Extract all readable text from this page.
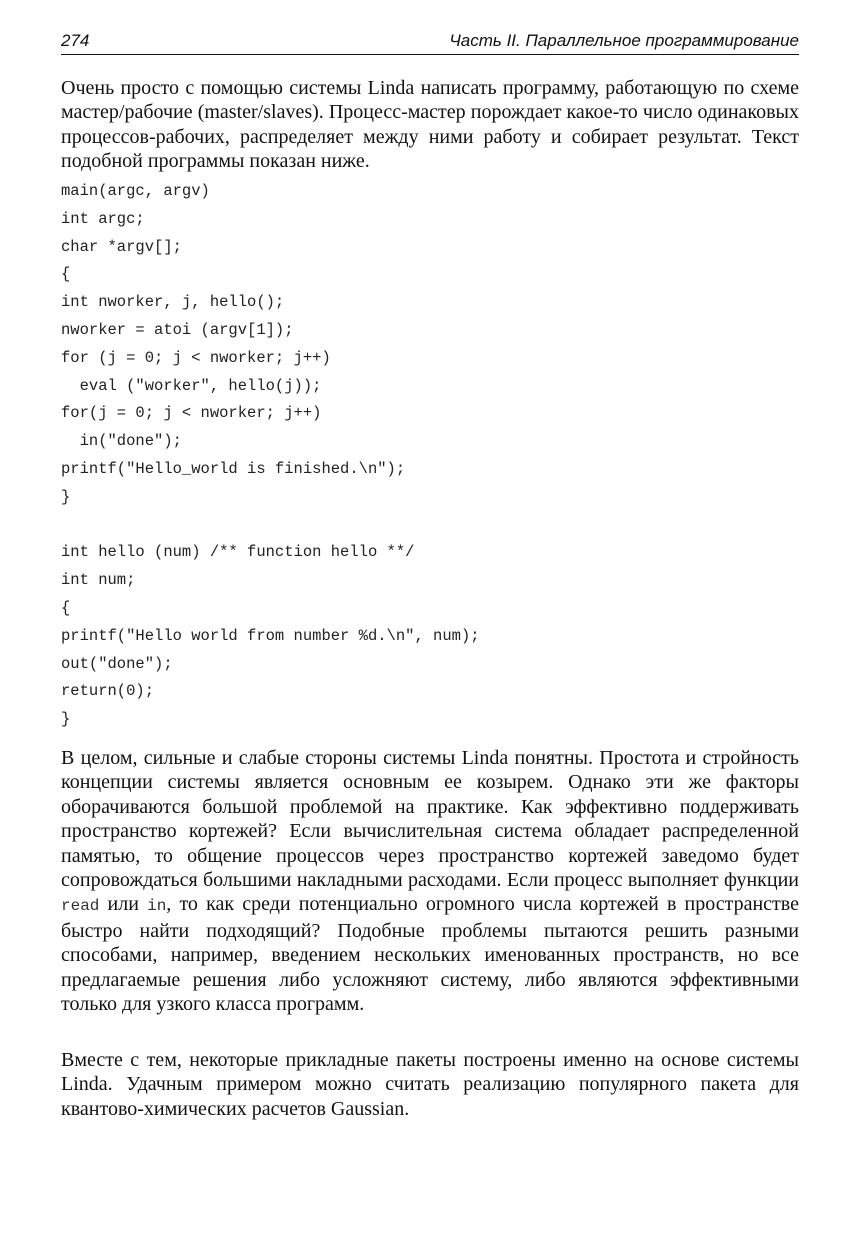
274	Часть II. Параллельное программирование

Очень просто с помощью системы Linda написать программу, работающую по схеме мастер/рабочие (master/slaves). Процесс-мастер порождает какое-то число одинаковых процессов-рабочих, распределяет между ними работу и собирает результат. Текст подобной программы показан ниже.

main(argc, argv)
int argc;
char *argv[];
{
int nworker, j, hello();
nworker = atoi (argv[1]);
for (j = 0; j < nworker; j++)
eval ("worker", hello(j));
for(j = 0; j < nworker; j++)
in("done");
printf("Hello_world is finished.\n");
}
int hello (num) /** function hello **/
int num;
{
printf("Hello world from number %d.\n", num);
out("done");
return(0);
}

В целом, сильные и слабые стороны системы Linda понятны. Простота и стройность концепции системы является основным ее козырем. Однако эти же факторы оборачиваются большой проблемой на практике. Как эффективно поддерживать пространство кортежей? Если вычислительная система обладает распределенной памятью, то общение процессов через пространство кортежей заведомо будет сопровождаться большими накладными расходами. Если процесс выполняет функции read или in, то как среди потенциально огромного числа кортежей в пространстве быстро найти подходящий? Подобные проблемы пытаются решить разными способами, например, введением нескольких именованных пространств, но все предлагаемые решения либо усложняют систему, либо являются эффективными только для узкого класса программ.

Вместе с тем, некоторые прикладные пакеты построены именно на основе системы Linda. Удачным примером можно считать реализацию популярного пакета для квантово-химических расчетов Gaussian.
